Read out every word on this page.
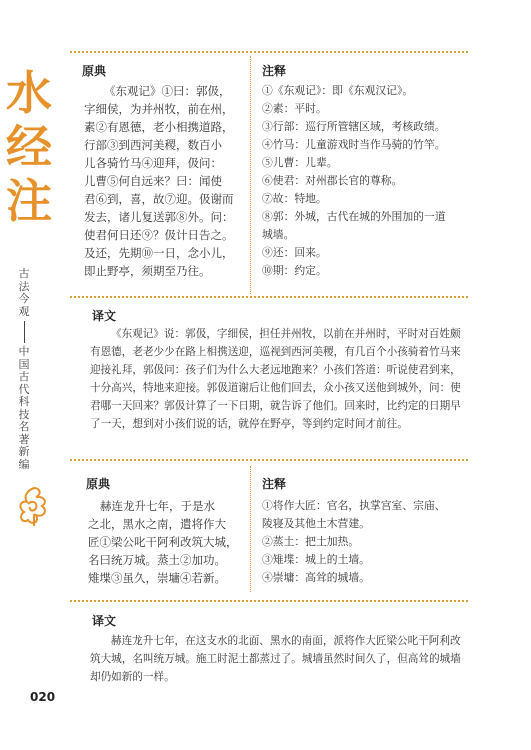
水
经
注
古
法
今
观
中
国
古
代
科
技
名
著
新
编
原典
《东观记》①曰：郭伋，
字细侯，为并州牧，前在州，
素②有恩德，老小相携道路，
行部③到西河美稷，数百小
儿各骑竹马④迎拜，伋问：
儿曹⑤何自远来？曰：闻使
君⑥到，喜，故⑦迎。伋谢而
发去，诸儿复送郭⑧外。问：
使君何日还⑨？伋计日告之。
及还，先期⑩一日，念小儿，
即止野亭，须期至乃往。
注释
①《东观记》：即《东观汉记》。
②素：平时。
③行部：巡行所管辖区域，考核政绩。
④竹马：儿童游戏时当作马骑的竹竿。
⑤儿曹：儿辈。
⑥使君：对州郡长官的尊称。
⑦故：特地。
⑧郭：外城，古代在城的外围加的一道
城墙。
⑨还：回来。
⑩期：约定。
译文
《东观记》说：郭伋，字细侯，担任并州牧，以前在并州时，平时对百姓颇
有恩德，老老少少在路上相携送迎，巡视到西河美稷，有几百个小孩骑着竹马来
迎接礼拜，郭伋问：孩子们为什么大老远地跑来？小孩们答道：听说使君到来，
十分高兴，特地来迎接。郭伋道谢后让他们回去，众小孩又送他到城外，问：使
君哪一天回来？郭伋计算了一下日期，就告诉了他们。回来时，比约定的日期早
了一天，想到对小孩们说的话，就停在野亭，等到约定时间才前往。
原典
赫连龙升七年，于是水
之北，黑水之南，遣将作大
匠①梁公叱干阿利改筑大城，
名曰统万城。蒸土②加功。
雉堞③虽久，崇墉④若新。
注释
①将作大匠：官名，执掌宫室、宗庙、
陵寝及其他土木营建。
②蒸土：把土加热。
③雉堞：城上的土墙。
④崇墉：高耸的城墙。
译文
赫连龙升七年，在这支水的北面、黑水的南面，派将作大匠梁公叱干阿利改
筑大城，名叫统万城。施工时泥土都蒸过了。城墙虽然时间久了，但高耸的城墙
却仍如新的一样。
020
